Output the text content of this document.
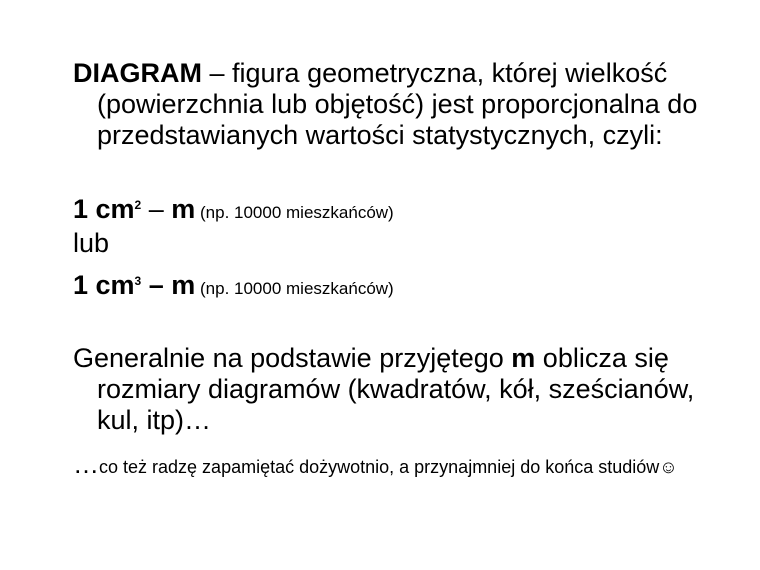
DIAGRAM – figura geometryczna, której wielkość (powierzchnia lub objętość) jest proporcjonalna do przedstawianych wartości statystycznych, czyli:

1 $cm^2$ – m (np. 10000 mieszkańców)

lub

1 $cm^3$ – m (np. 10000 mieszkańców)

Generalnie na podstawie przyjętego m oblicza się rozmiary diagramów (kwadratów, kół, sześcianów, kul, itp)…

…co też radzę zapamiętać dożywotnio, a przynajmniej do końca studiów☺
